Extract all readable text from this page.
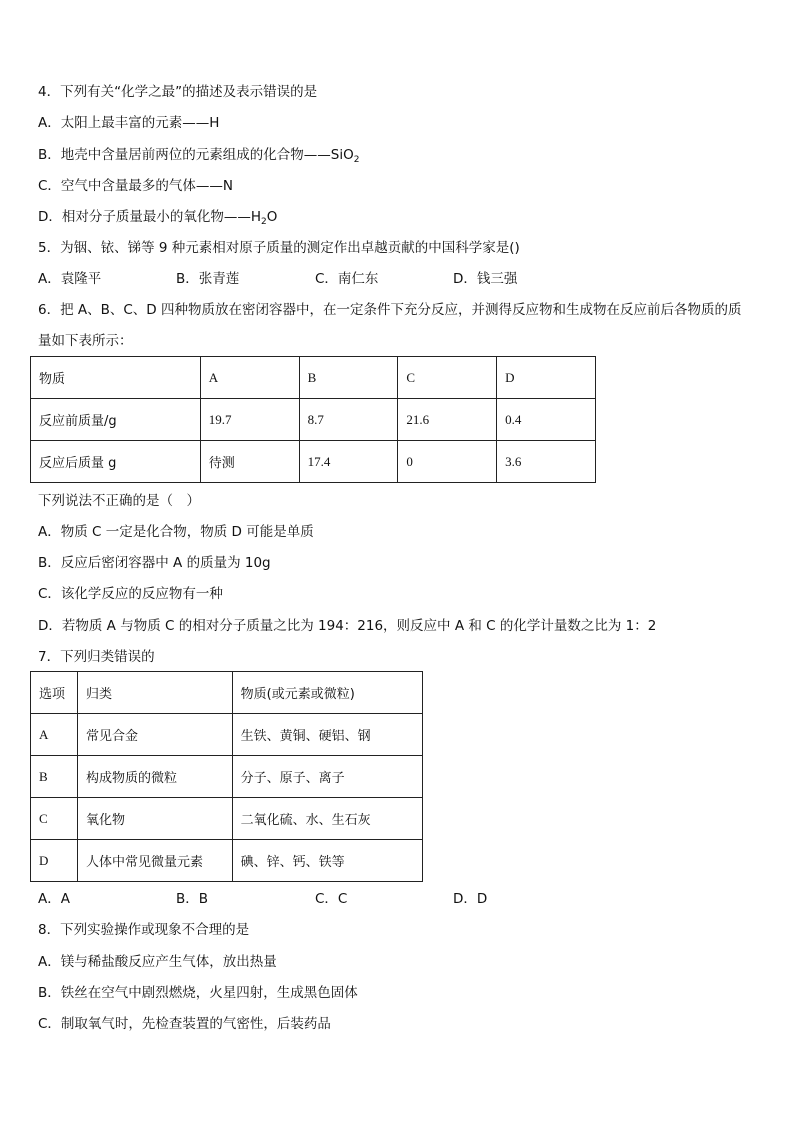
4．下列有关“化学之最”的描述及表示错误的是
A．太阳上最丰富的元素——H
B．地壳中含量居前两位的元素组成的化合物——SiO$_2$
C．空气中含量最多的气体——N
D．相对分子质量最小的氧化物$——H_2O$
5．为铟、铱、锑等 9 种元素相对原子质量的测定作出卓越贡献的中国科学家是()
A．袁隆平	B．张青莲	C．南仁东	D．钱三强
6．把 A、B、C、D 四种物质放在密闭容器中，在一定条件下充分反应，并测得反应物和生成物在反应前后各物质的质
量如下表所示：
物质	A	B	C	D
反应前质量/g	19.7	8.7	21.6	0.4
反应后质量 g	待测	17.4	0	3.6
下列说法不正确的是（　）
A．物质 C 一定是化合物，物质 D 可能是单质
B．反应后密闭容器中 A 的质量为 10g
C．该化学反应的反应物有一种
D．若物质 A 与物质 C 的相对分子质量之比为 194：216，则反应中 A 和 C 的化学计量数之比为 1：2
7．下列归类错误的
选项	归类	物质(或元素或微粒)
A	常见合金	生铁、黄铜、硬铝、钢
B	构成物质的微粒	分子、原子、离子
C	氧化物	二氧化硫、水、生石灰
D	人体中常见微量元素	碘、锌、钙、铁等
A．A	B．B	C．C	D．D
8．下列实验操作或现象不合理的是
A．镁与稀盐酸反应产生气体，放出热量
B．铁丝在空气中剧烈燃烧，火星四射，生成黑色固体
C．制取氧气时，先检查装置的气密性，后装药品
